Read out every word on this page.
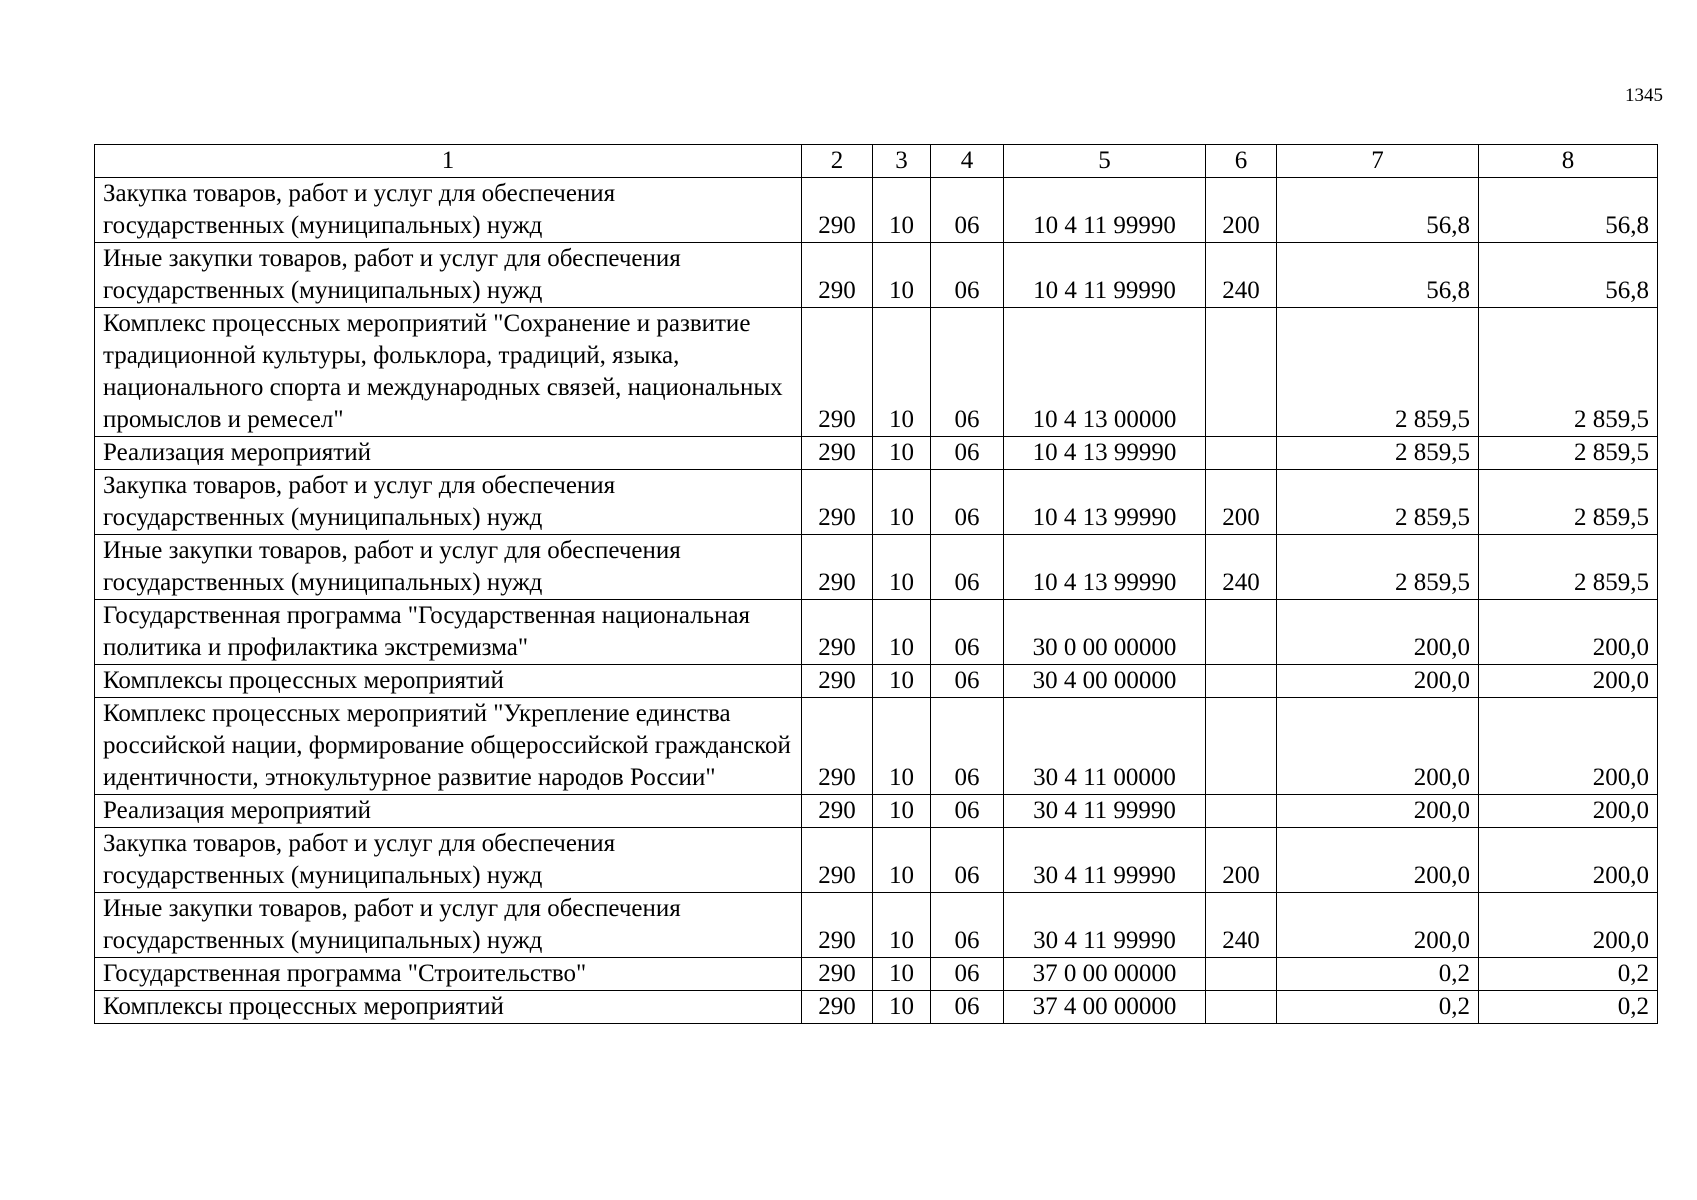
1345
1	2	3	4	5	6	7	8
Закупка товаров, работ и услуг для обеспечения государственных (муниципальных) нужд	290	10	06	10 4 11 99990	200	56,8	56,8
Иные закупки товаров, работ и услуг для обеспечения государственных (муниципальных) нужд	290	10	06	10 4 11 99990	240	56,8	56,8
Комплекс процессных мероприятий "Сохранение и развитие традиционной культуры, фольклора, традиций, языка, национального спорта и международных связей, национальных промыслов и ремесел"	290	10	06	10 4 13 00000		2 859,5	2 859,5
Реализация мероприятий	290	10	06	10 4 13 99990		2 859,5	2 859,5
Закупка товаров, работ и услуг для обеспечения государственных (муниципальных) нужд	290	10	06	10 4 13 99990	200	2 859,5	2 859,5
Иные закупки товаров, работ и услуг для обеспечения государственных (муниципальных) нужд	290	10	06	10 4 13 99990	240	2 859,5	2 859,5
Государственная программа "Государственная национальная политика и профилактика экстремизма"	290	10	06	30 0 00 00000		200,0	200,0
Комплексы процессных мероприятий	290	10	06	30 4 00 00000		200,0	200,0
Комплекс процессных мероприятий "Укрепление единства российской нации, формирование общероссийской гражданской идентичности, этнокультурное развитие народов России"	290	10	06	30 4 11 00000		200,0	200,0
Реализация мероприятий	290	10	06	30 4 11 99990		200,0	200,0
Закупка товаров, работ и услуг для обеспечения государственных (муниципальных) нужд	290	10	06	30 4 11 99990	200	200,0	200,0
Иные закупки товаров, работ и услуг для обеспечения государственных (муниципальных) нужд	290	10	06	30 4 11 99990	240	200,0	200,0
Государственная программа "Строительство"	290	10	06	37 0 00 00000		0,2	0,2
Комплексы процессных мероприятий	290	10	06	37 4 00 00000		0,2	0,2
